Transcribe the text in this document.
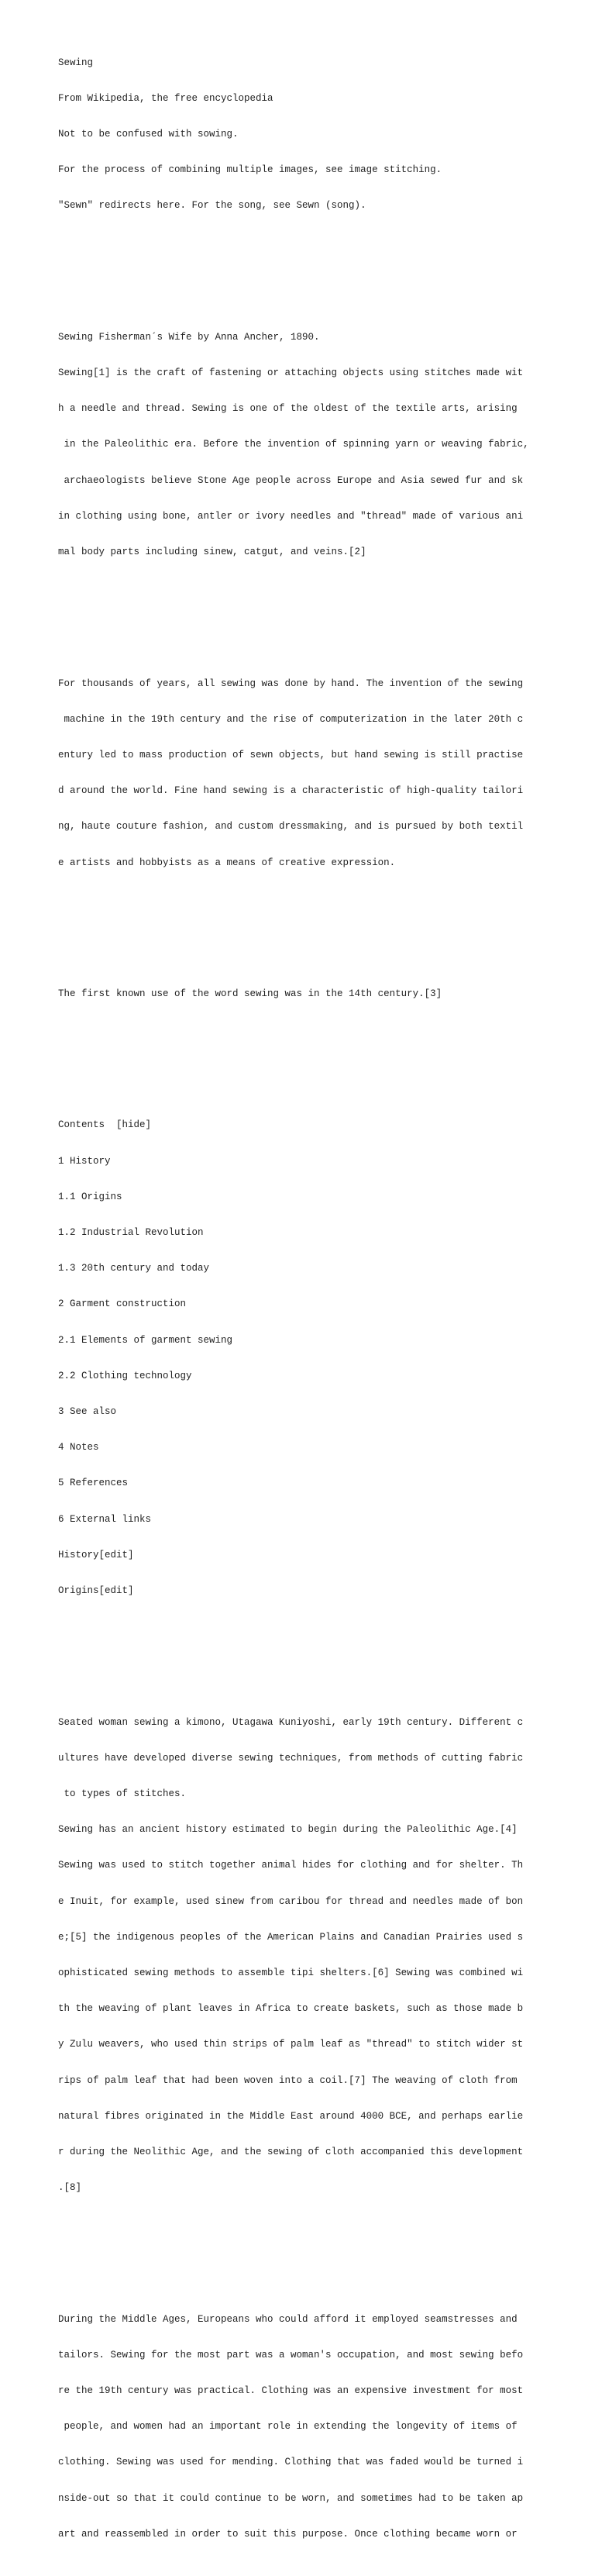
Sewing

From Wikipedia, the free encyclopedia

Not to be confused with sowing.

For the process of combining multiple images, see image stitching.

"Sewn" redirects here. For the song, see Sewn (song).

Sewing Fisherman´s Wife by Anna Ancher, 1890.

Sewing[1] is the craft of fastening or attaching objects using stitches made wit

h a needle and thread. Sewing is one of the oldest of the textile arts, arising

in the Paleolithic era. Before the invention of spinning yarn or weaving fabric,

archaeologists believe Stone Age people across Europe and Asia sewed fur and sk

in clothing using bone, antler or ivory needles and "thread" made of various ani

mal body parts including sinew, catgut, and veins.[2]

For thousands of years, all sewing was done by hand. The invention of the sewing

machine in the 19th century and the rise of computerization in the later 20th c

entury led to mass production of sewn objects, but hand sewing is still practise

d around the world. Fine hand sewing is a characteristic of high-quality tailori

ng, haute couture fashion, and custom dressmaking, and is pursued by both textil

e artists and hobbyists as a means of creative expression.

The first known use of the word sewing was in the 14th century.[3]

Contents  [hide]

1 History

1.1 Origins

1.2 Industrial Revolution

1.3 20th century and today

2 Garment construction

2.1 Elements of garment sewing

2.2 Clothing technology

3 See also

4 Notes

5 References

6 External links

History[edit]

Origins[edit]

Seated woman sewing a kimono, Utagawa Kuniyoshi, early 19th century. Different c

ultures have developed diverse sewing techniques, from methods of cutting fabric

to types of stitches.

Sewing has an ancient history estimated to begin during the Paleolithic Age.[4]

Sewing was used to stitch together animal hides for clothing and for shelter. Th

e Inuit, for example, used sinew from caribou for thread and needles made of bon

e;[5] the indigenous peoples of the American Plains and Canadian Prairies used s

ophisticated sewing methods to assemble tipi shelters.[6] Sewing was combined wi

th the weaving of plant leaves in Africa to create baskets, such as those made b

y Zulu weavers, who used thin strips of palm leaf as "thread" to stitch wider st

rips of palm leaf that had been woven into a coil.[7] The weaving of cloth from

natural fibres originated in the Middle East around 4000 BCE, and perhaps earlie

r during the Neolithic Age, and the sewing of cloth accompanied this development

.[8]

During the Middle Ages, Europeans who could afford it employed seamstresses and

tailors. Sewing for the most part was a woman's occupation, and most sewing befo

re the 19th century was practical. Clothing was an expensive investment for most

people, and women had an important role in extending the longevity of items of

clothing. Sewing was used for mending. Clothing that was faded would be turned i

nside-out so that it could continue to be worn, and sometimes had to be taken ap

art and reassembled in order to suit this purpose. Once clothing became worn or
